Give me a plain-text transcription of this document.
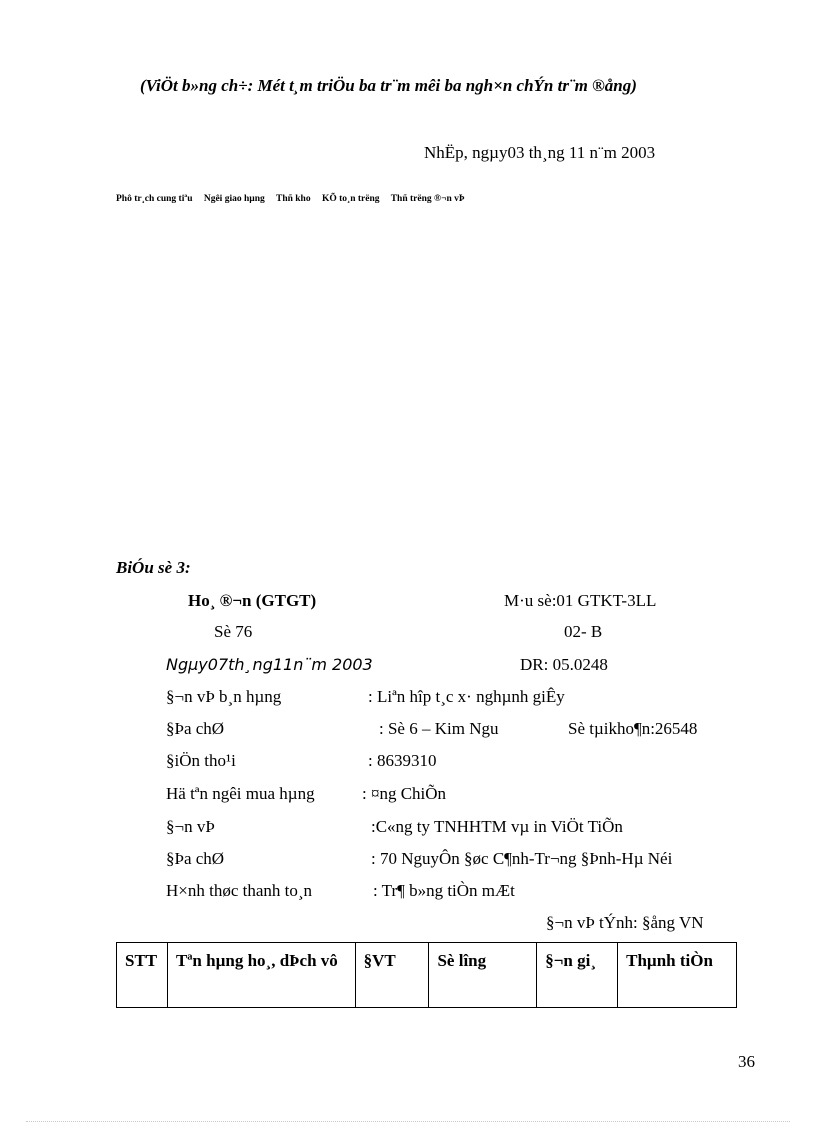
(ViÖt b»ng ch÷: Mét t¸m triÖu ba tr¨m mêi ba ngh×n chÝn tr¨m ®ång)
NhËp, ngµy03 th¸ng 11 n¨m 2003
Phô tr¸ch cung tiªu Ngêi giao hµng Thñ kho KÕ to¸n trëng Thñ trëng ®¬n vÞ
BiÓu sè 3:
Ho¸ ®¬n (GTGT)	M·u sè:01 GTKT-3LL
Sè 76	02- B
Ngµy07th¸ng11n¨m 2003	DR: 05.0248
§¬n vÞ b¸n hµng	: Liªn hîp t¸c x· nghµnh giÊy
§Þa chØ	: Sè 6 – Kim Ngu	Sè tµikho¶n:26548
§iÖn tho¹i	: 8639310
Hä tªn ngêi mua hµng	: ¤ng ChiÕn
§¬n vÞ	:C«ng ty TNHHTM vµ in ViÖt TiÕn
§Þa chØ	: 70 NguyÔn §øc C¶nh-Tr¬ng §Þnh-Hµ Néi
H×nh thøc thanh to¸n	: Tr¶ b»ng tiÒn mÆt
§¬n vÞ tÝnh: §ång VN
STT	Tªn hµng ho¸, dÞch vô	§VT	Sè lîng	§¬n gi¸	Thµnh tiÒn
36
